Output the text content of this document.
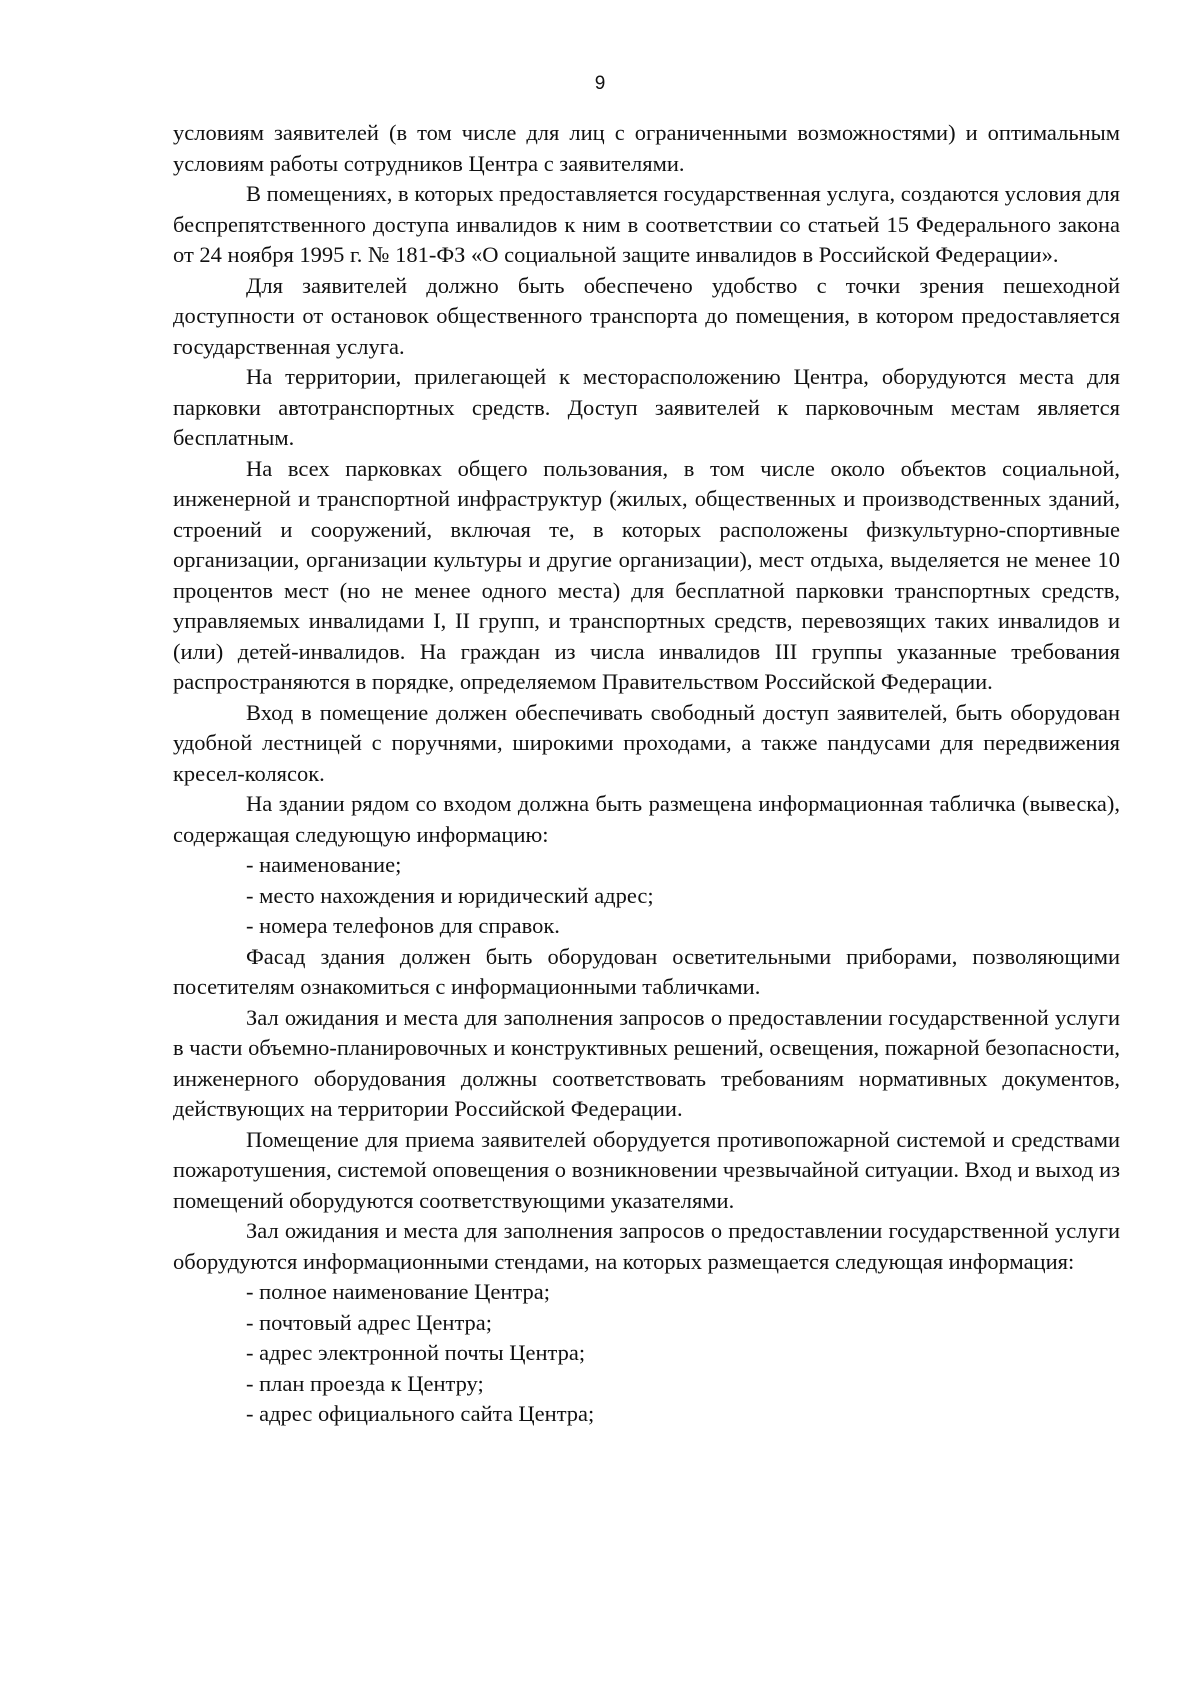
9

условиям заявителей (в том числе для лиц с ограниченными возможностями) и оптимальным условиям работы сотрудников Центра с заявителями.

В помещениях, в которых предоставляется государственная услуга, создаются условия для беспрепятственного доступа инвалидов к ним в соответствии со статьей 15 Федерального закона от 24 ноября 1995 г. № 181-ФЗ «О социальной защите инвалидов в Российской Федерации».

Для заявителей должно быть обеспечено удобство с точки зрения пешеходной доступности от остановок общественного транспорта до помещения, в котором предоставляется государственная услуга.

На территории, прилегающей к месторасположению Центра, оборудуются места для парковки автотранспортных средств. Доступ заявителей к парковочным местам является бесплатным.

На всех парковках общего пользования, в том числе около объектов социальной, инженерной и транспортной инфраструктур (жилых, общественных и производственных зданий, строений и сооружений, включая те, в которых расположены физкультурно-спортивные организации, организации культуры и другие организации), мест отдыха, выделяется не менее 10 процентов мест (но не менее одного места) для бесплатной парковки транспортных средств, управляемых инвалидами I, II групп, и транспортных средств, перевозящих таких инвалидов и (или) детей-инвалидов. На граждан из числа инвалидов III группы указанные требования распространяются в порядке, определяемом Правительством Российской Федерации.

Вход в помещение должен обеспечивать свободный доступ заявителей, быть оборудован удобной лестницей с поручнями, широкими проходами, а также пандусами для передвижения кресел-колясок.

На здании рядом со входом должна быть размещена информационная табличка (вывеска), содержащая следующую информацию:

- наименование;

- место нахождения и юридический адрес;

- номера телефонов для справок.

Фасад здания должен быть оборудован осветительными приборами, позволяющими посетителям ознакомиться с информационными табличками.

Зал ожидания и места для заполнения запросов о предоставлении государственной услуги в части объемно-планировочных и конструктивных решений, освещения, пожарной безопасности, инженерного оборудования должны соответствовать требованиям нормативных документов, действующих на территории Российской Федерации.

Помещение для приема заявителей оборудуется противопожарной системой и средствами пожаротушения, системой оповещения о возникновении чрезвычайной ситуации. Вход и выход из помещений оборудуются соответствующими указателями.

Зал ожидания и места для заполнения запросов о предоставлении государственной услуги оборудуются информационными стендами, на которых размещается следующая информация:

- полное наименование Центра;

- почтовый адрес Центра;

- адрес электронной почты Центра;

- план проезда к Центру;

- адрес официального сайта Центра;
